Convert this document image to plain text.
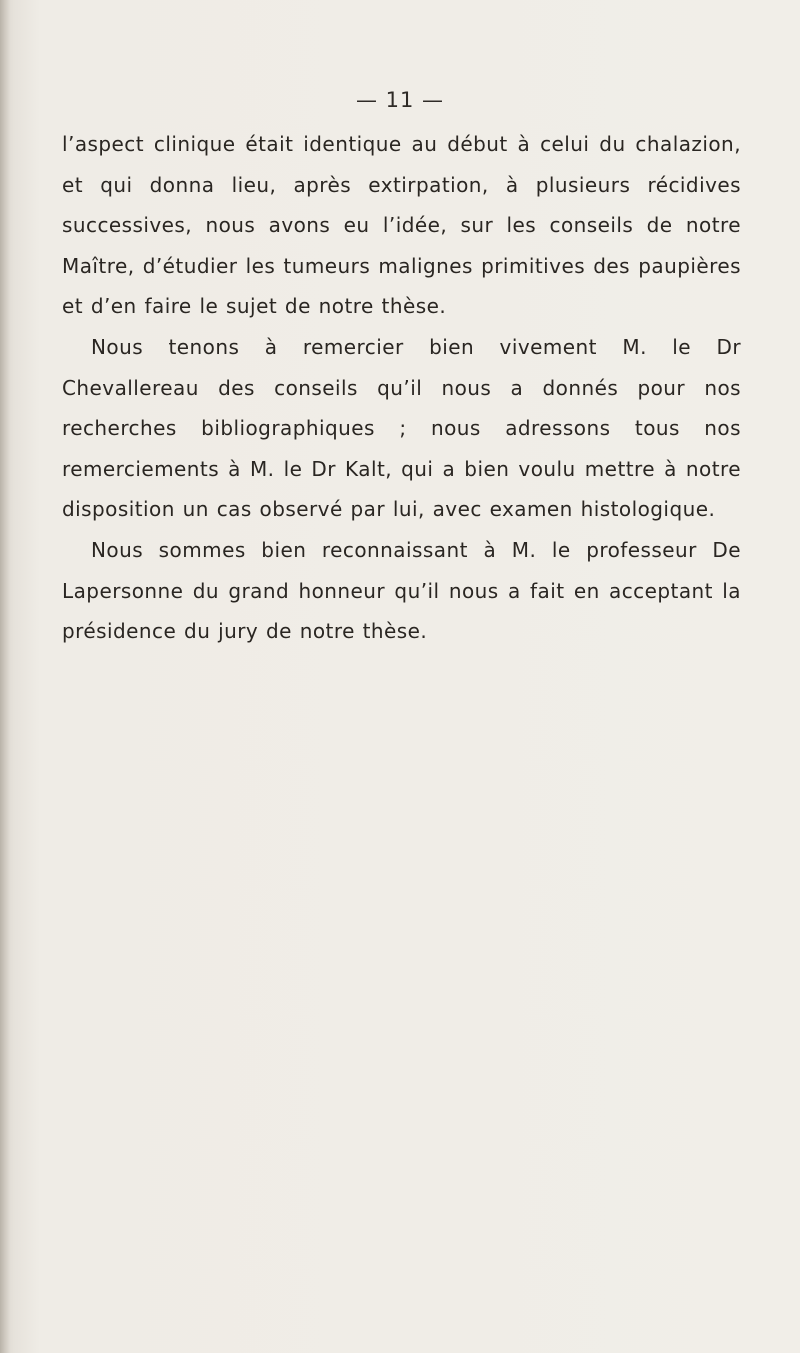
— 11 —

l’aspect clinique était identique au début à celui du chalazion, et qui donna lieu, après extirpation, à plusieurs récidives successives, nous avons eu l’idée, sur les conseils de notre Maître, d’étudier les tumeurs malignes primitives des paupières et d’en faire le sujet de notre thèse.

Nous tenons à remercier bien vivement M. le Dr Chevallereau des conseils qu’il nous a donnés pour nos recherches bibliographiques ; nous adressons tous nos remerciements à M. le Dr Kalt, qui a bien voulu mettre à notre disposition un cas observé par lui, avec examen histologique.

Nous sommes bien reconnaissant à M. le professeur De Lapersonne du grand honneur qu’il nous a fait en acceptant la présidence du jury de notre thèse.
